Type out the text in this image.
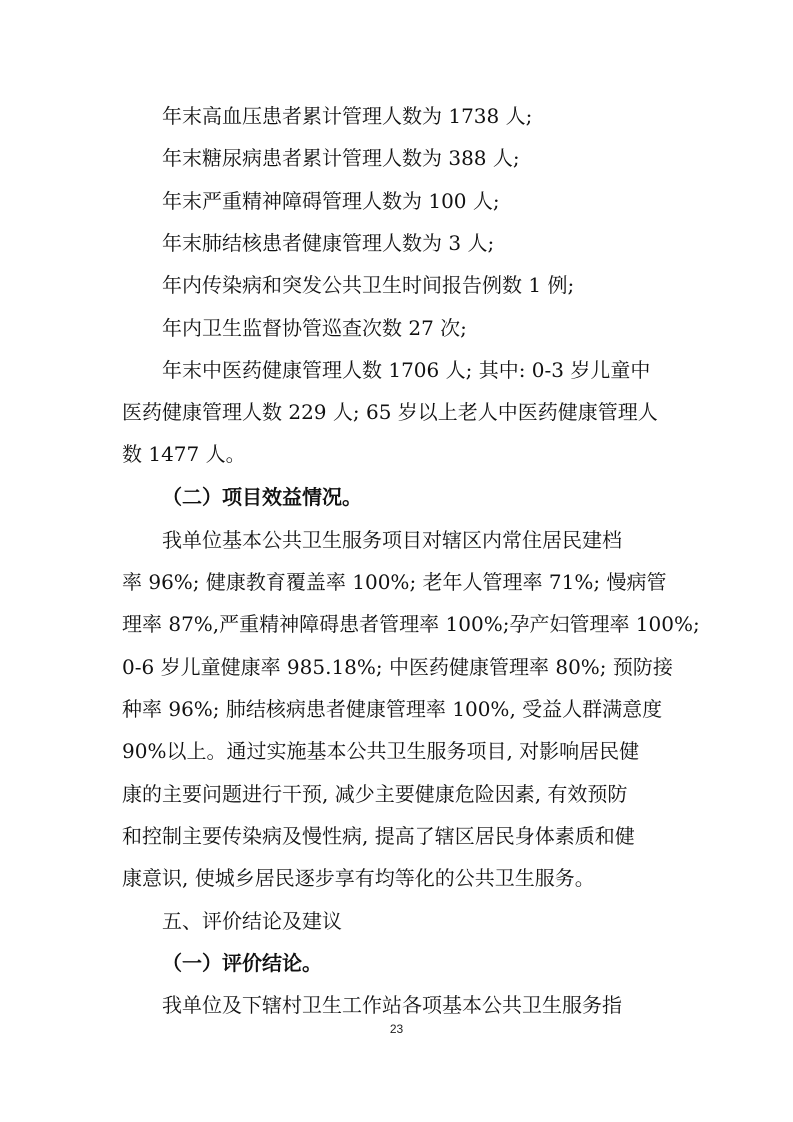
年末高血压患者累计管理人数为 1738 人;
年末糖尿病患者累计管理人数为 388 人;
年末严重精神障碍管理人数为 100 人;
年末肺结核患者健康管理人数为 3 人;
年内传染病和突发公共卫生时间报告例数 1 例;
年内卫生监督协管巡查次数 27 次;
年末中医药健康管理人数 1706 人; 其中: 0-3 岁儿童中
医药健康管理人数 229 人; 65 岁以上老人中医药健康管理人
数 1477 人。
（二）项目效益情况。
我单位基本公共卫生服务项目对辖区内常住居民建档
率 96%; 健康教育覆盖率 100%; 老年人管理率 71%; 慢病管
理率 87%,严重精神障碍患者管理率 100%;孕产妇管理率 100%;
0-6 岁儿童健康率 985.18%; 中医药健康管理率 80%; 预防接
种率 96%; 肺结核病患者健康管理率 100%, 受益人群满意度
90%以上。通过实施基本公共卫生服务项目, 对影响居民健
康的主要问题进行干预, 减少主要健康危险因素, 有效预防
和控制主要传染病及慢性病, 提高了辖区居民身体素质和健
康意识, 使城乡居民逐步享有均等化的公共卫生服务。
五、评价结论及建议
（一）评价结论。
我单位及下辖村卫生工作站各项基本公共卫生服务指
23
